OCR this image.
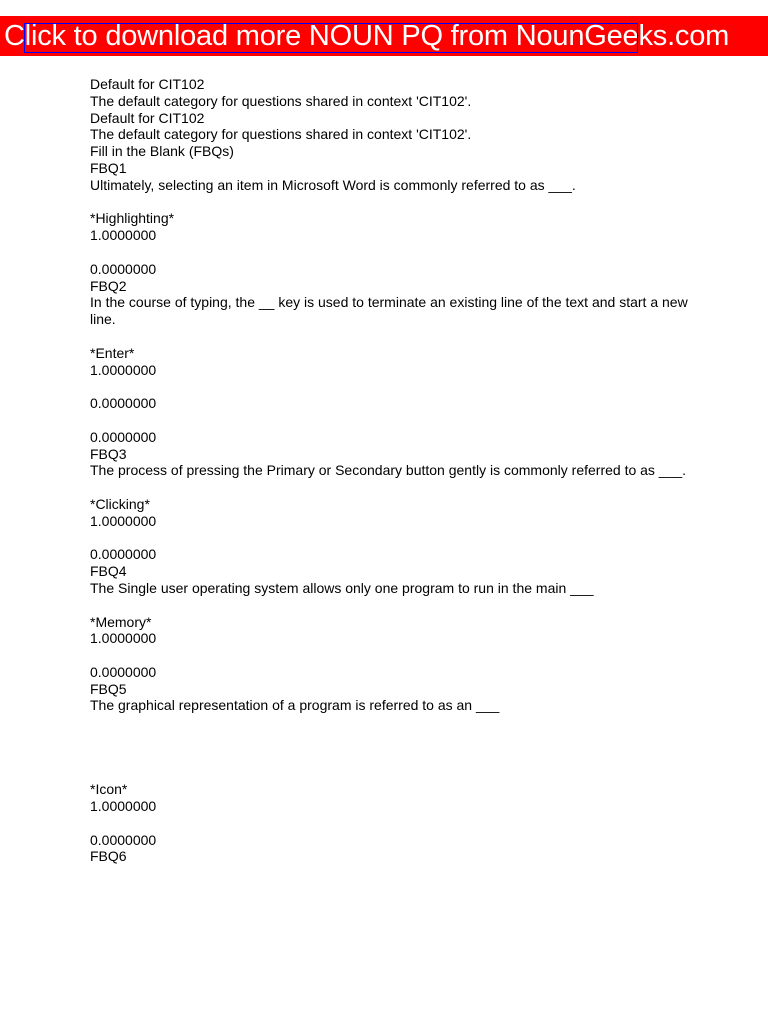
Click to download more NOUN PQ from NounGeeks.com
Default for CIT102
The default category for questions shared in context 'CIT102'.
Default for CIT102
The default category for questions shared in context 'CIT102'.
Fill in the Blank (FBQs)
FBQ1
Ultimately, selecting an item in Microsoft Word is commonly referred to as ___.
*Highlighting*
1.0000000
0.0000000
FBQ2
In the course of typing, the __ key is used to terminate an existing line of the text and start a new line.
*Enter*
1.0000000
0.0000000
0.0000000
FBQ3
The process of pressing the Primary or Secondary button gently is commonly referred to as ___.
*Clicking*
1.0000000
0.0000000
FBQ4
The Single user operating system allows only one program to run in the main ___
*Memory*
1.0000000
0.0000000
FBQ5
The graphical representation of a program is referred to as an ___
*Icon*
1.0000000
0.0000000
FBQ6
